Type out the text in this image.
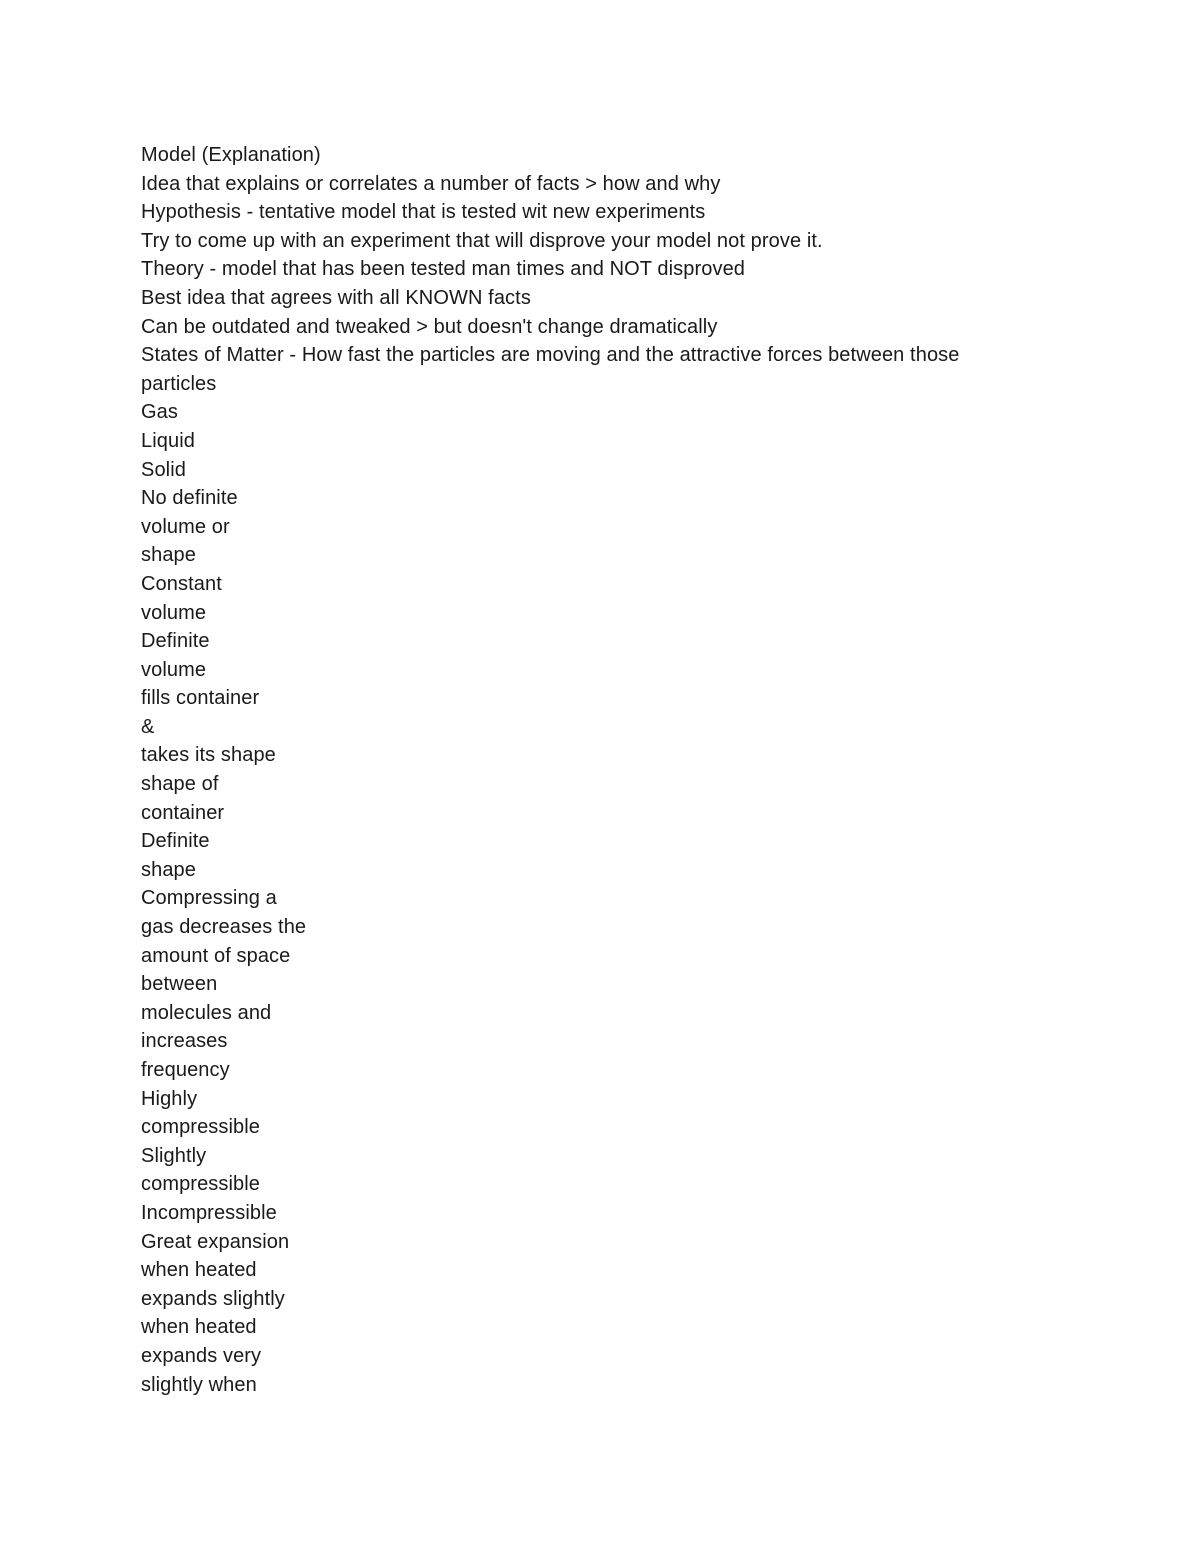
Model (Explanation)
Idea that explains or correlates a number of facts > how and why
Hypothesis - tentative model that is tested wit new experiments
Try to come up with an experiment that will disprove your model not prove it.
Theory - model that has been tested man times and NOT disproved
Best idea that agrees with all KNOWN facts
Can be outdated and tweaked > but doesn't change dramatically
States of Matter - How fast the particles are moving and the attractive forces between those
particles
Gas
Liquid
Solid
No definite
volume or
shape
Constant
volume
Definite
volume
fills container
&
takes its shape
shape of
container
Definite
shape
Compressing a
gas decreases the
amount of space
between
molecules and
increases
frequency
Highly
compressible
Slightly
compressible
Incompressible
Great expansion
when heated
expands slightly
when heated
expands very
slightly when
